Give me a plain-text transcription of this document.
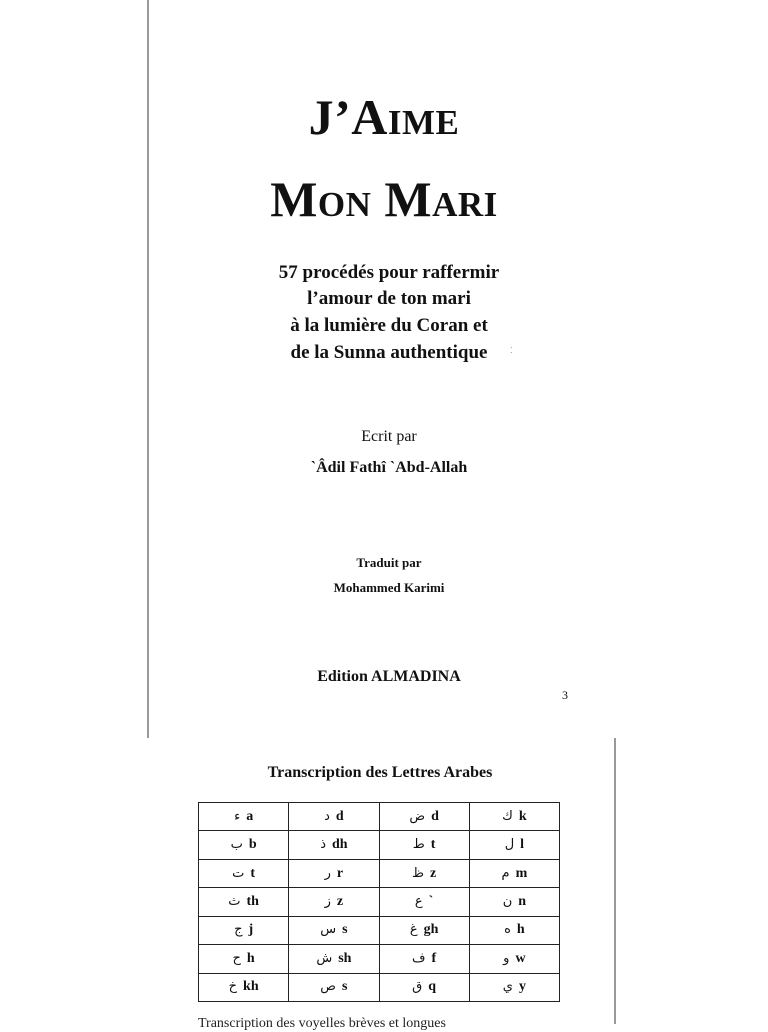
J’Aime
Mon Mari
57 procédés pour raffermir
l’amour de ton mari
à la lumière du Coran et
de la Sunna authentique	⁚
Ecrit par
`Âdil Fathî `Abd-Allah
Traduit par
Mohammed Karimi
Edition ALMADINA
3
Transcription des Lettres Arabes
ء a	د d	ض d	ك k
ب b	ذ dh	ط t	ل l
ت t	ر r	ظ z	م m
ث th	ز z	ع `	ن n
ج j	س s	غ gh	ه h
ح h	ش sh	ف f	و w
خ kh	ص s	ق q	ي y
Transcription des voyelles brèves et longues
